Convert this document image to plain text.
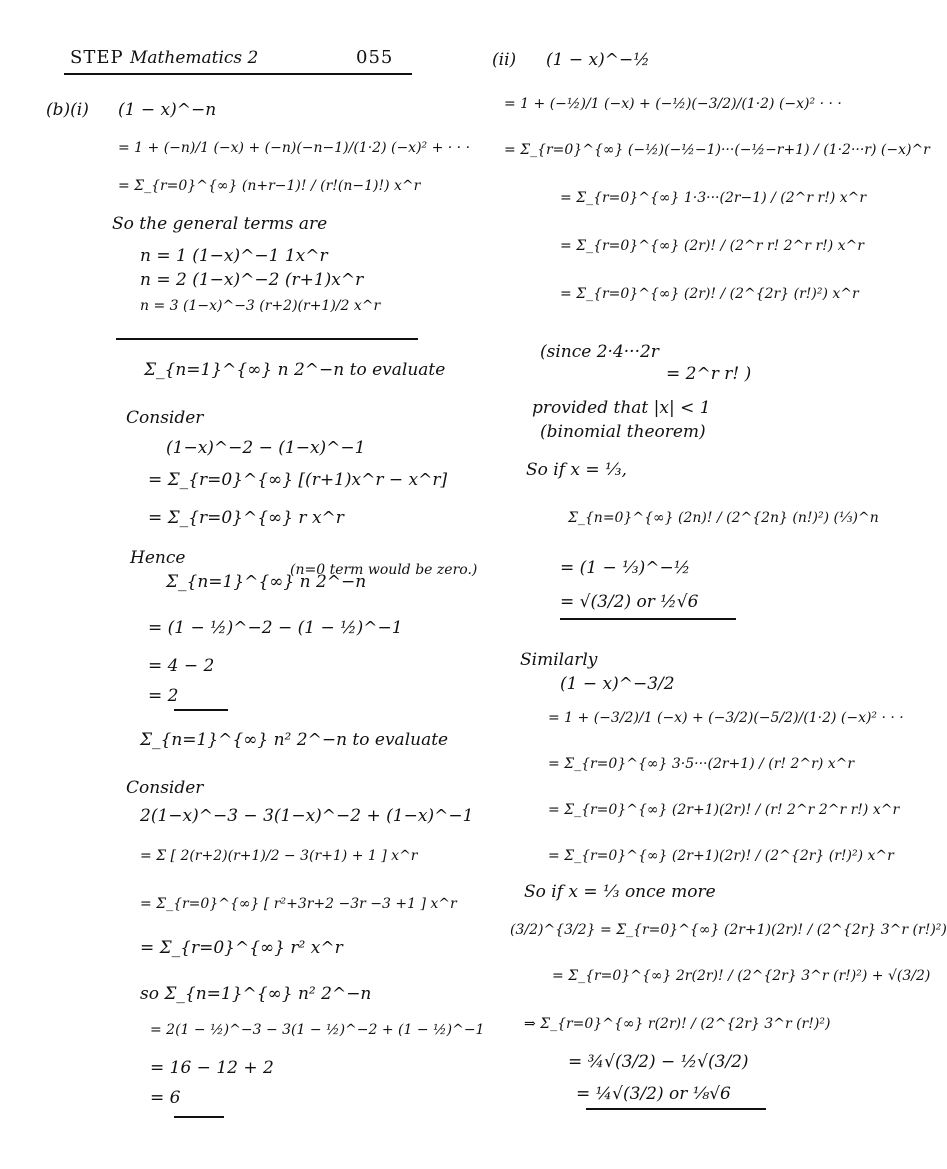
STEP Mathematics 2	055
(b)(i) (1 − x)^−n
= 1 + (−n)/1 (−x) + (−n)(−n−1)/(1·2) (−x)² + · · ·
= Σ_{r=0}^{∞} (n+r−1)! / (r!(n−1)!) x^r
So the general terms are
n = 1 (1−x)^−1 1x^r
n = 2 (1−x)^−2 (r+1)x^r
n = 3 (1−x)^−3 (r+2)(r+1)/2 x^r
Σ_{n=1}^{∞} n 2^−n to evaluate
Consider
(1−x)^−2 − (1−x)^−1
= Σ_{r=0}^{∞} [(r+1)x^r − x^r]
= Σ_{r=0}^{∞} r x^r
Hence
Σ_{n=1}^{∞} n 2^−n
(n=0 term would be zero.)
= (1 − ½)^−2 − (1 − ½)^−1
= 4 − 2
= 2
Σ_{n=1}^{∞} n² 2^−n to evaluate
Consider
2(1−x)^−3 − 3(1−x)^−2 + (1−x)^−1
= Σ [ 2(r+2)(r+1)/2 − 3(r+1) + 1 ] x^r
= Σ_{r=0}^{∞} [ r²+3r+2 −3r −3 +1 ] x^r
= Σ_{r=0}^{∞} r² x^r
so Σ_{n=1}^{∞} n² 2^−n
= 2(1 − ½)^−3 − 3(1 − ½)^−2 + (1 − ½)^−1
= 16 − 12 + 2
= 6
(ii) (1 − x)^−½
= 1 + (−½)/1 (−x) + (−½)(−3/2)/(1·2) (−x)² · · ·
= Σ_{r=0}^{∞} (−½)(−½−1)···(−½−r+1) / (1·2···r) (−x)^r
= Σ_{r=0}^{∞} 1·3···(2r−1) / (2^r r!) x^r
= Σ_{r=0}^{∞} (2r)! / (2^r r! 2^r r!) x^r
= Σ_{r=0}^{∞} (2r)! / (2^{2r} (r!)²) x^r
(since 2·4···2r
= 2^r r! )
provided that |x| < 1
(binomial theorem)
So if x = ⅓,
Σ_{n=0}^{∞} (2n)! / (2^{2n} (n!)²) (⅓)^n
= (1 − ⅓)^−½
= √(3/2) or ½√6
Similarly
(1 − x)^−3/2
= 1 + (−3/2)/1 (−x) + (−3/2)(−5/2)/(1·2) (−x)² · · ·
= Σ_{r=0}^{∞} 3·5···(2r+1) / (r! 2^r) x^r
= Σ_{r=0}^{∞} (2r+1)(2r)! / (r! 2^r 2^r r!) x^r
= Σ_{r=0}^{∞} (2r+1)(2r)! / (2^{2r} (r!)²) x^r
So if x = ⅓ once more
(3/2)^{3/2} = Σ_{r=0}^{∞} (2r+1)(2r)! / (2^{2r} 3^r (r!)²)
= Σ_{r=0}^{∞} 2r(2r)! / (2^{2r} 3^r (r!)²) + √(3/2)
⇒ Σ_{r=0}^{∞} r(2r)! / (2^{2r} 3^r (r!)²)
= ¾√(3/2) − ½√(3/2)
= ¼√(3/2) or ⅛√6
